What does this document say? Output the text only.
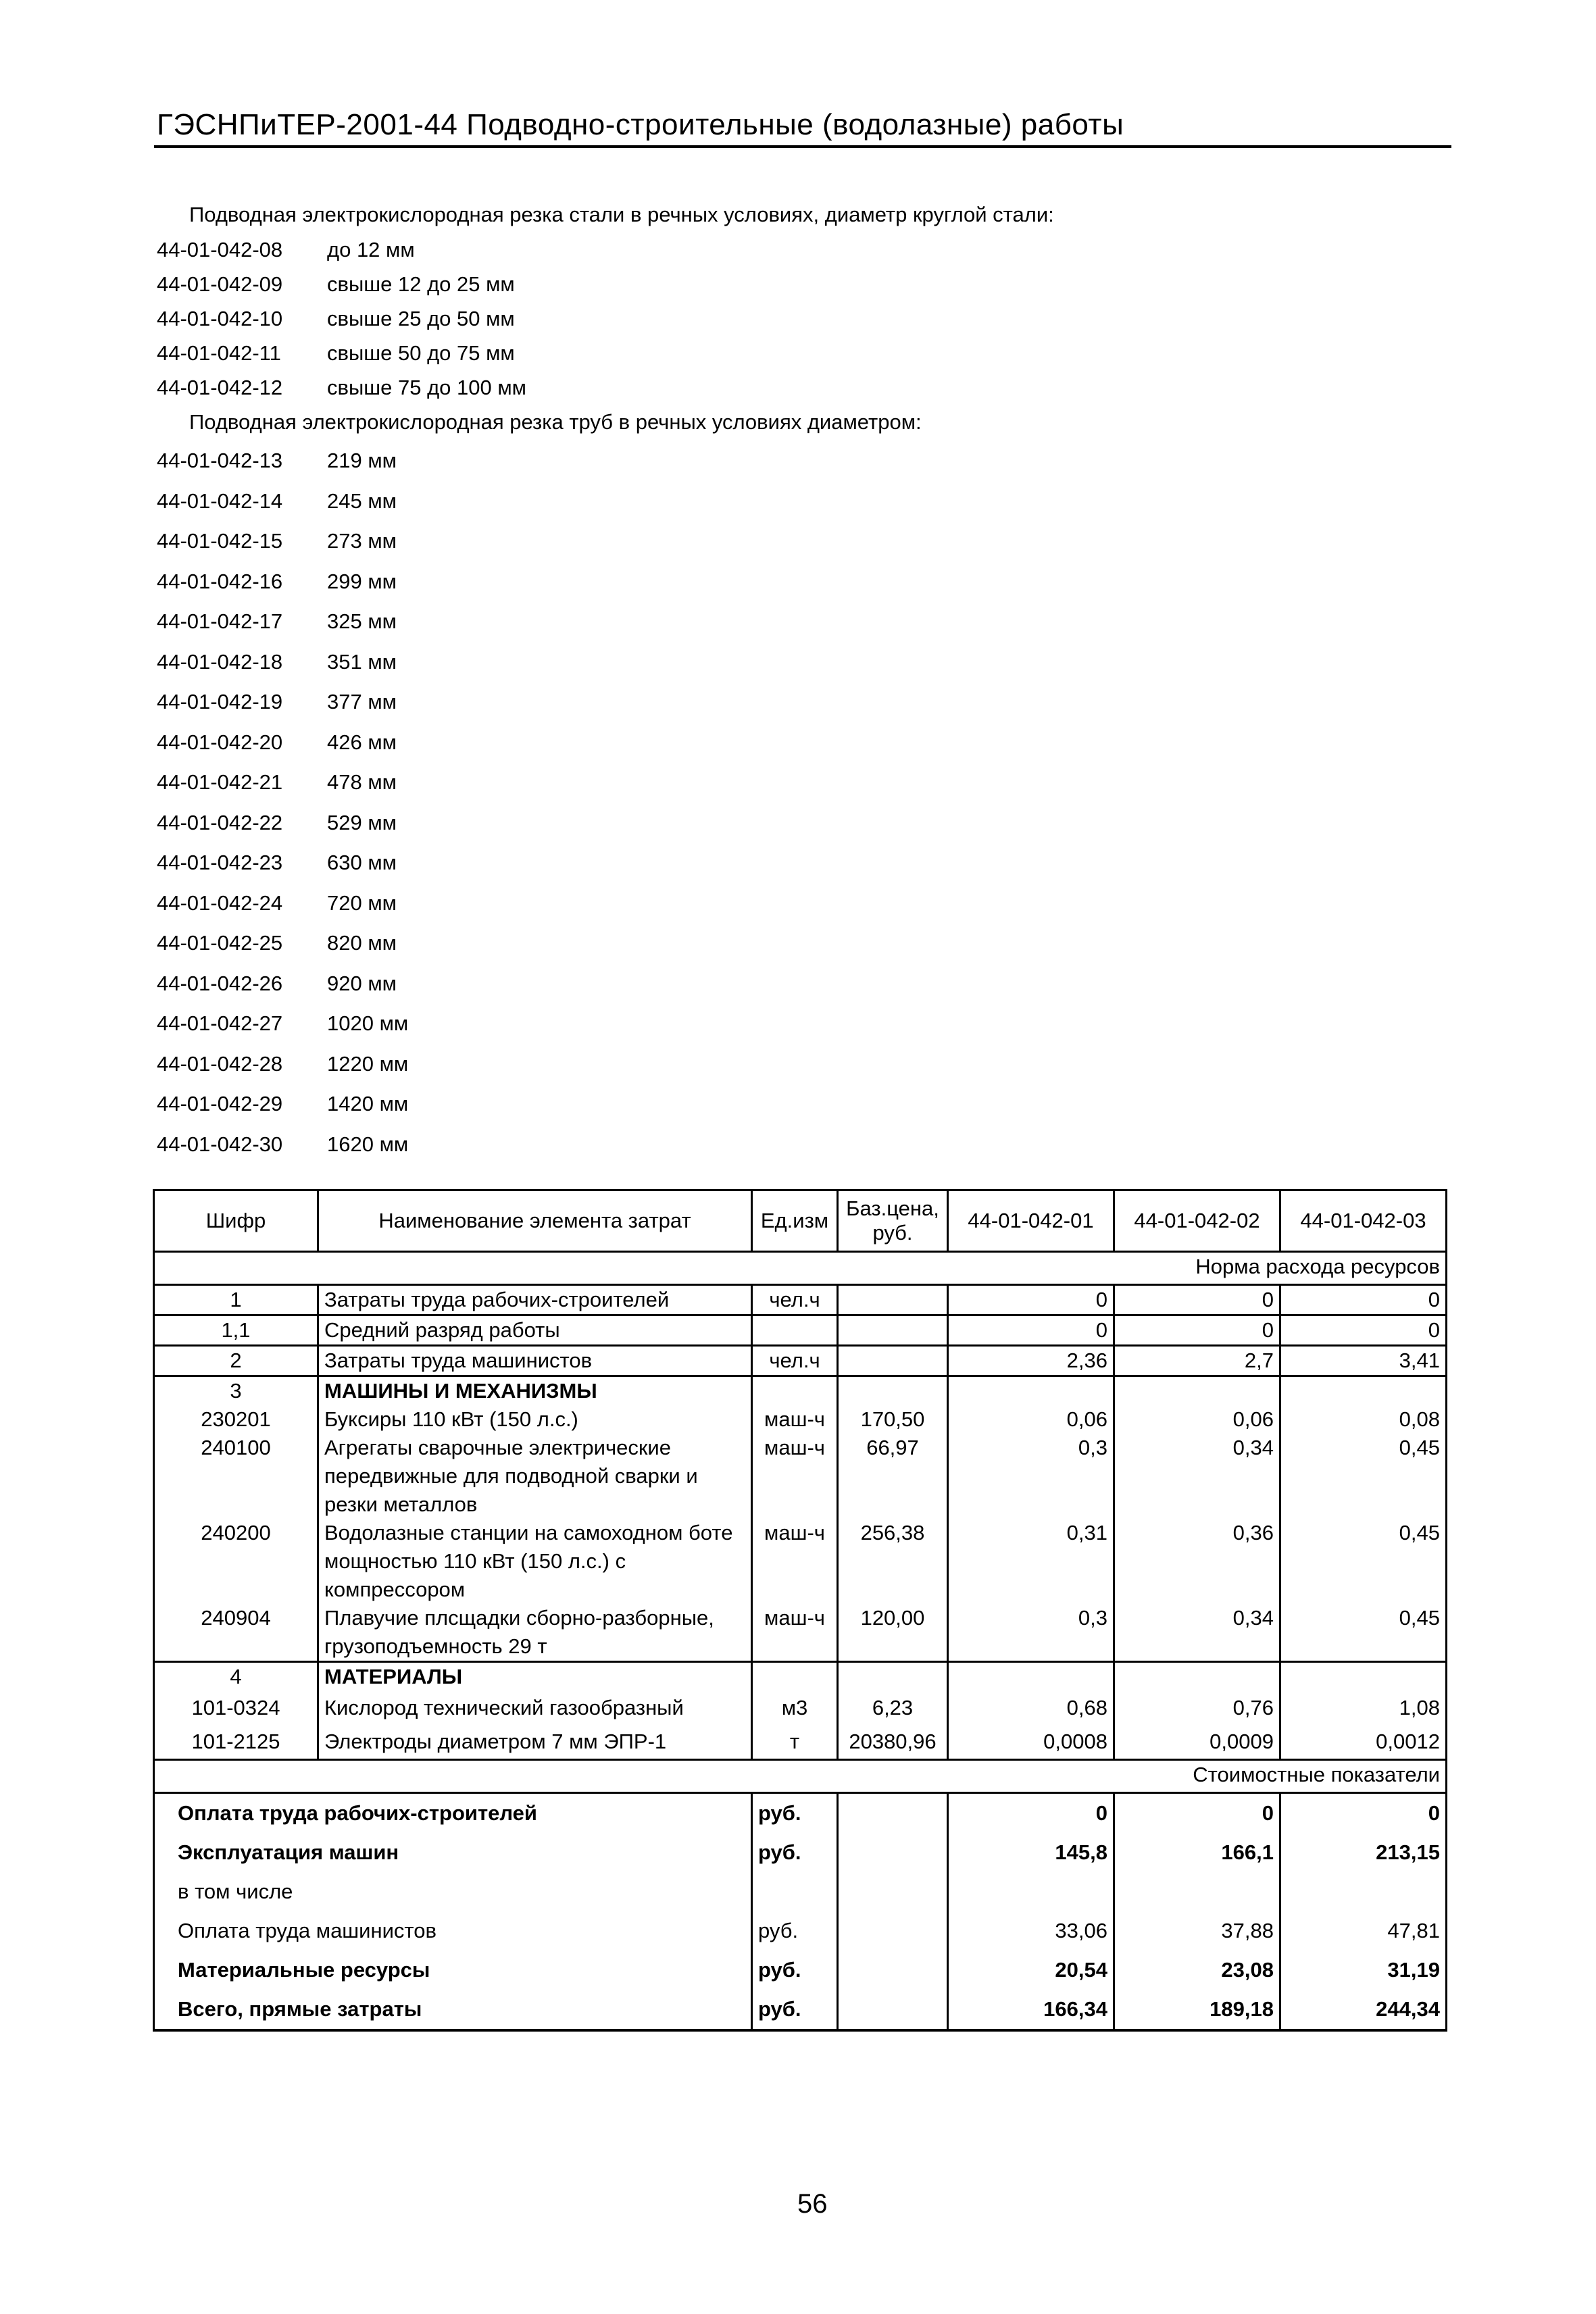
ГЭСНПиТЕР-2001-44 Подводно-строительные (водолазные) работы
Подводная электрокислородная резка стали в речных условиях, диаметр круглой стали:
44-01-042-08 до 12 мм
44-01-042-09 свыше 12 до 25 мм
44-01-042-10 свыше 25 до 50 мм
44-01-042-11 свыше 50 до 75 мм
44-01-042-12 свыше 75 до 100 мм
Подводная электрокислородная резка труб в речных условиях диаметром:
44-01-042-13 219 мм
44-01-042-14 245 мм
44-01-042-15 273 мм
44-01-042-16 299 мм
44-01-042-17 325 мм
44-01-042-18 351 мм
44-01-042-19 377 мм
44-01-042-20 426 мм
44-01-042-21 478 мм
44-01-042-22 529 мм
44-01-042-23 630 мм
44-01-042-24 720 мм
44-01-042-25 820 мм
44-01-042-26 920 мм
44-01-042-27 1020 мм
44-01-042-28 1220 мм
44-01-042-29 1420 мм
44-01-042-30 1620 мм
Шифр	Наименование элемента затрат	Ед.изм	Баз.цена, руб.	44-01-042-01	44-01-042-02	44-01-042-03
Норма расхода ресурсов						
1	Затраты труда рабочих-строителей	чел.ч		0	0	0
1,1	Средний разряд работы			0	0	0
2	Затраты труда машинистов	чел.ч		2,36	2,7	3,41
3	МАШИНЫ И МЕХАНИЗМЫ					
230201	Буксиры 110 кВт (150 л.с.)	маш-ч	170,50	0,06	0,06	0,08
240100	Агрегаты сварочные электрические передвижные для подводной сварки и резки металлов	маш-ч	66,97	0,3	0,34	0,45
240200	Водолазные станции на самоходном боте мощностью 110 кВт (150 л.с.) с компрессором	маш-ч	256,38	0,31	0,36	0,45
240904	Плавучие плсщадки сборно-разборные, грузоподъемность 29 т	маш-ч	120,00	0,3	0,34	0,45
4	МАТЕРИАЛЫ					
101-0324	Кислород технический газообразный	м3	6,23	0,68	0,76	1,08
101-2125	Электроды диаметром 7 мм ЭПР-1	т	20380,96	0,0008	0,0009	0,0012
Стоимостные показатели						
Оплата труда рабочих-строителей		руб.		0	0	0
Эксплуатация машин		руб.		145,8	166,1	213,15
в том числе						
Оплата труда машинистов		руб.		33,06	37,88	47,81
Материальные ресурсы		руб.		20,54	23,08	31,19
Всего, прямые затраты		руб.		166,34	189,18	244,34
56
